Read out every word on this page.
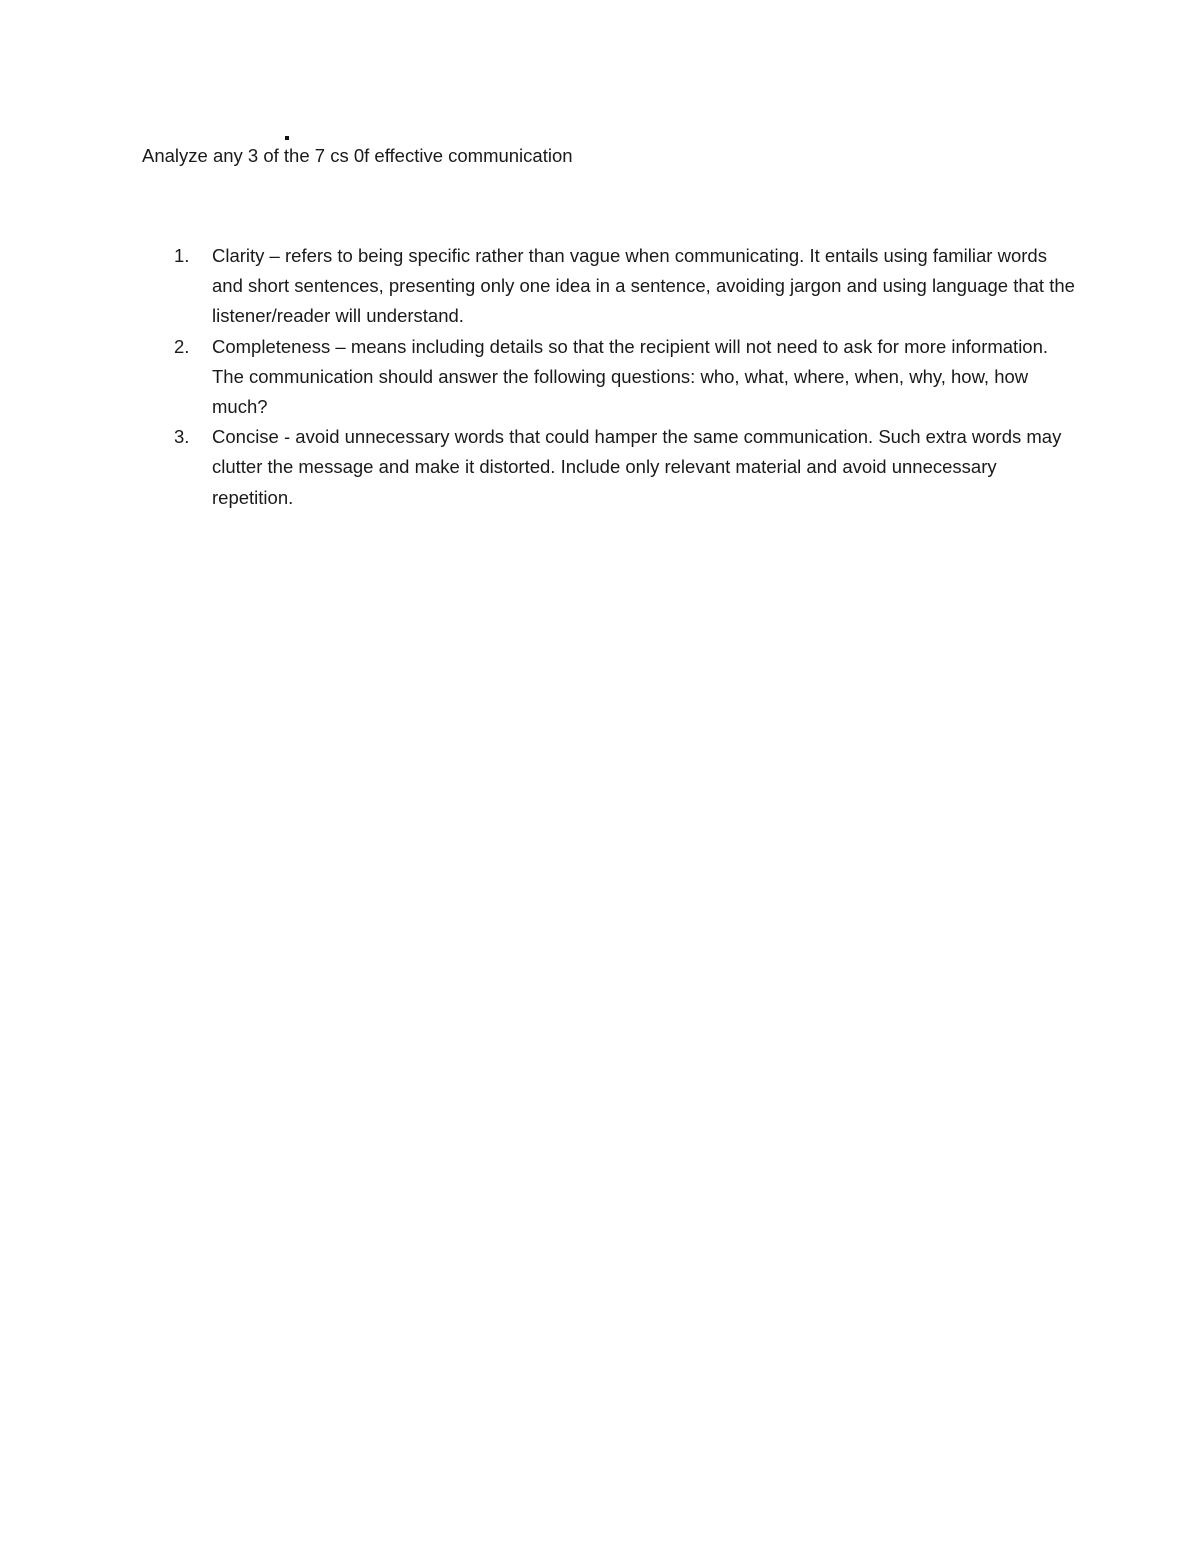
Analyze any 3 of the 7 cs 0f effective communication
1. Clarity – refers to being specific rather than vague when communicating. It entails using familiar words and short sentences, presenting only one idea in a sentence, avoiding jargon and using language that the listener/reader will understand.
2. Completeness – means including details so that the recipient will not need to ask for more information. The communication should answer the following questions: who, what, where, when, why, how, how much?
3. Concise - avoid unnecessary words that could hamper the same communication. Such extra words may clutter the message and make it distorted. Include only relevant material and avoid unnecessary repetition.
